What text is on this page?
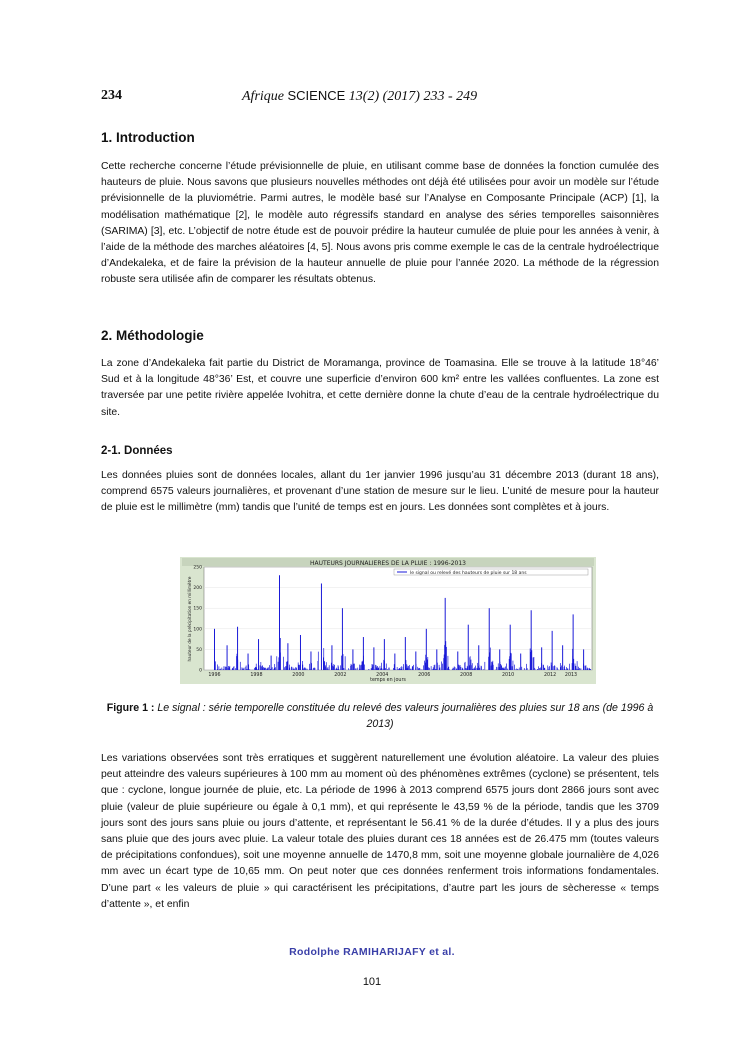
234	Afrique SCIENCE 13(2) (2017) 233 - 249
1. Introduction

Cette recherche concerne l’étude prévisionnelle de pluie, en utilisant comme base de données la fonction cumulée des hauteurs de pluie. Nous savons que plusieurs nouvelles méthodes ont déjà été utilisées pour avoir un modèle sur l’étude prévisionnelle de la pluviométrie. Parmi autres, le modèle basé sur l’Analyse en Composante Principale (ACP) [1], la modélisation mathématique [2], le modèle auto régressifs standard en analyse des séries temporelles saisonnières (SARIMA) [3], etc. L’objectif de notre étude est de pouvoir prédire la hauteur cumulée de pluie pour les années à venir, à l’aide de la méthode des marches aléatoires [4, 5]. Nous avons pris comme exemple le cas de la centrale hydroélectrique d’Andekaleka, et de faire la prévision de la hauteur annuelle de pluie pour l’année 2020. La méthode de la régression robuste sera utilisée afin de comparer les résultats obtenus.

2. Méthodologie

La zone d’Andekaleka fait partie du District de Moramanga, province de Toamasina. Elle se trouve à la latitude 18°46’ Sud et à la longitude 48°36’ Est, et couvre une superficie d’environ 600 km² entre les vallées confluentes. La zone est traversée par une petite rivière appelée Ivohitra, et cette dernière donne la chute d’eau de la centrale hydroélectrique du site.

2-1. Données

Les données pluies sont de données locales, allant du 1er janvier 1996 jusqu’au 31 décembre 2013 (durant 18 ans), comprend 6575 valeurs journalières, et provenant d’une station de mesure sur le lieu. L’unité de mesure pour la hauteur de pluie est le millimètre (mm) tandis que l’unité de temps est en jours. Les données sont complètes et à jours.

HAUTEURS JOURNALIERES DE LA PLUIE : 1996-2013
le signal ou relevé des hauteurs de pluie sur 18 ans
0
50
100
150
200
250
1996	1998	2000	2002	2004	2006	2008	2010	2012 2013
hauteur de la précipitation en millimètre
temps en jours
Figure 1 : Le signal : série temporelle constituée du relevé des valeurs journalières des pluies sur 18 ans (de 1996 à 2013)

Les variations observées sont très erratiques et suggèrent naturellement une évolution aléatoire. La valeur des pluies peut atteindre des valeurs supérieures à 100 mm au moment où des phénomènes extrêmes (cyclone) se présentent, tels que : cyclone, longue journée de pluie, etc. La période de 1996 à 2013 comprend 6575 jours dont 2866 jours sont avec pluie (valeur de pluie supérieure ou égale à 0,1 mm), et qui représente le 43,59 % de la période, tandis que les 3709 jours sont des jours sans pluie ou jours d’attente, et représentant le 56.41 % de la durée d’études. Il y a plus des jours sans pluie que des jours avec pluie. La valeur totale des pluies durant ces 18 années est de 26.475 mm (toutes valeurs de précipitations confondues), soit une moyenne annuelle de 1470,8 mm, soit une moyenne globale journalière de 4,026 mm avec un écart type de 10,65 mm. On peut noter que ces données renferment trois informations fondamentales. D’une part « les valeurs de pluie » qui caractérisent les précipitations, d’autre part les jours de sècheresse « temps d’attente », et enfin

Rodolphe RAMIHARIJAFY et al.
101
